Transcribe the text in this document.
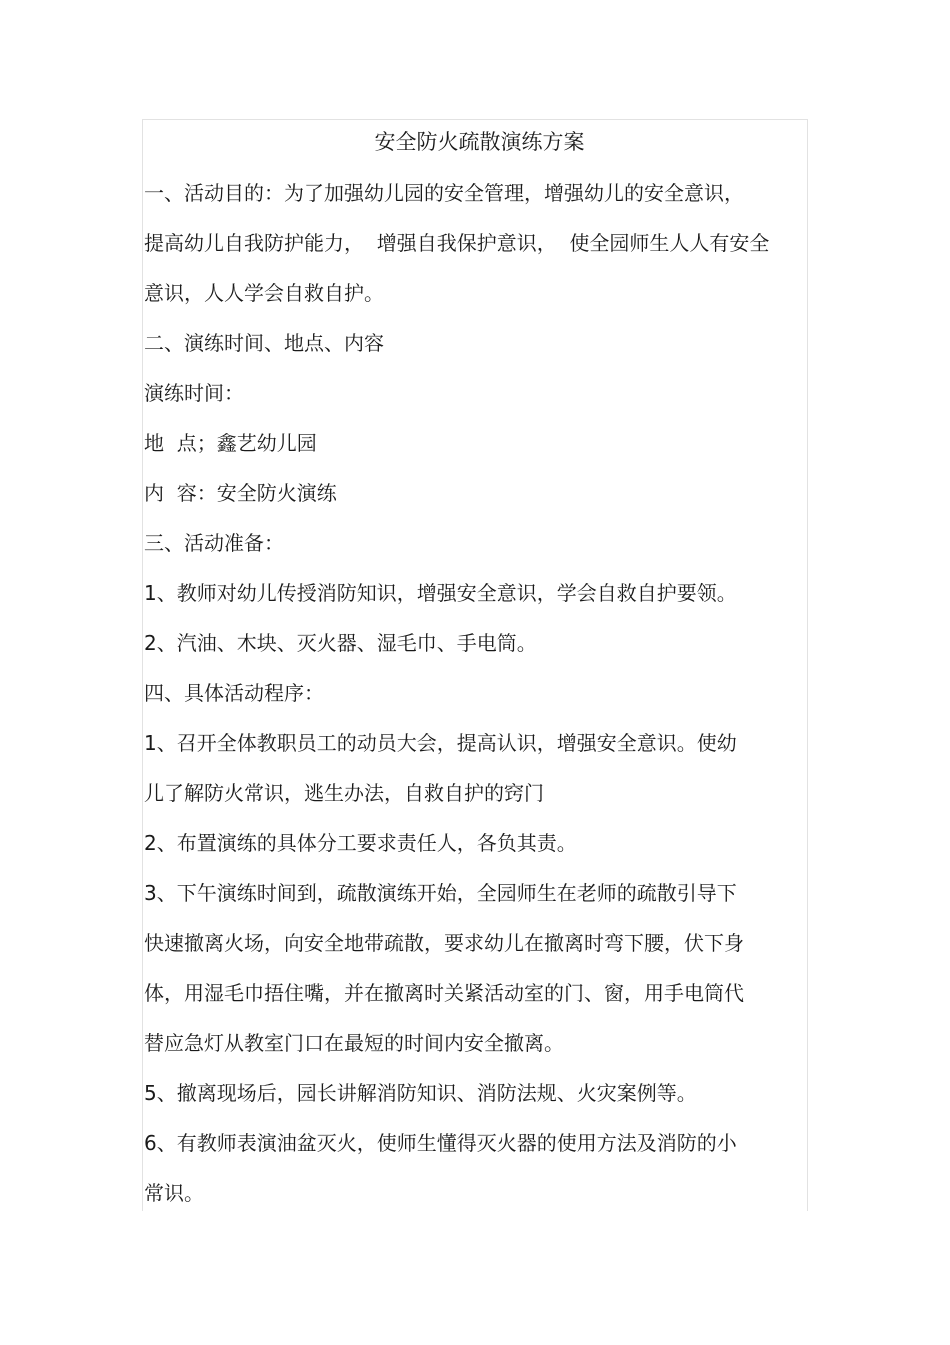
安全防火疏散演练方案
一、活动目的：为了加强幼儿园的安全管理，增强幼儿的安全意识，
提高幼儿自我防护能力，  增强自我保护意识，  使全园师生人人有安全
意识，人人学会自救自护。
二、演练时间、地点、内容
演练时间：
地  点；鑫艺幼儿园
内  容：安全防火演练
三、活动准备：
1、教师对幼儿传授消防知识，增强安全意识，学会自救自护要领。
2、汽油、木块、灭火器、湿毛巾、手电筒。
四、具体活动程序：
1、召开全体教职员工的动员大会，提高认识，增强安全意识。使幼
儿了解防火常识，逃生办法，自救自护的窍门
2、布置演练的具体分工要求责任人，各负其责。
3、下午演练时间到，疏散演练开始，全园师生在老师的疏散引导下
快速撤离火场，向安全地带疏散，要求幼儿在撤离时弯下腰，伏下身
体，用湿毛巾捂住嘴，并在撤离时关紧活动室的门、窗，用手电筒代
替应急灯从教室门口在最短的时间内安全撤离。
5、撤离现场后，园长讲解消防知识、消防法规、火灾案例等。
6、有教师表演油盆灭火，使师生懂得灭火器的使用方法及消防的小
常识。
